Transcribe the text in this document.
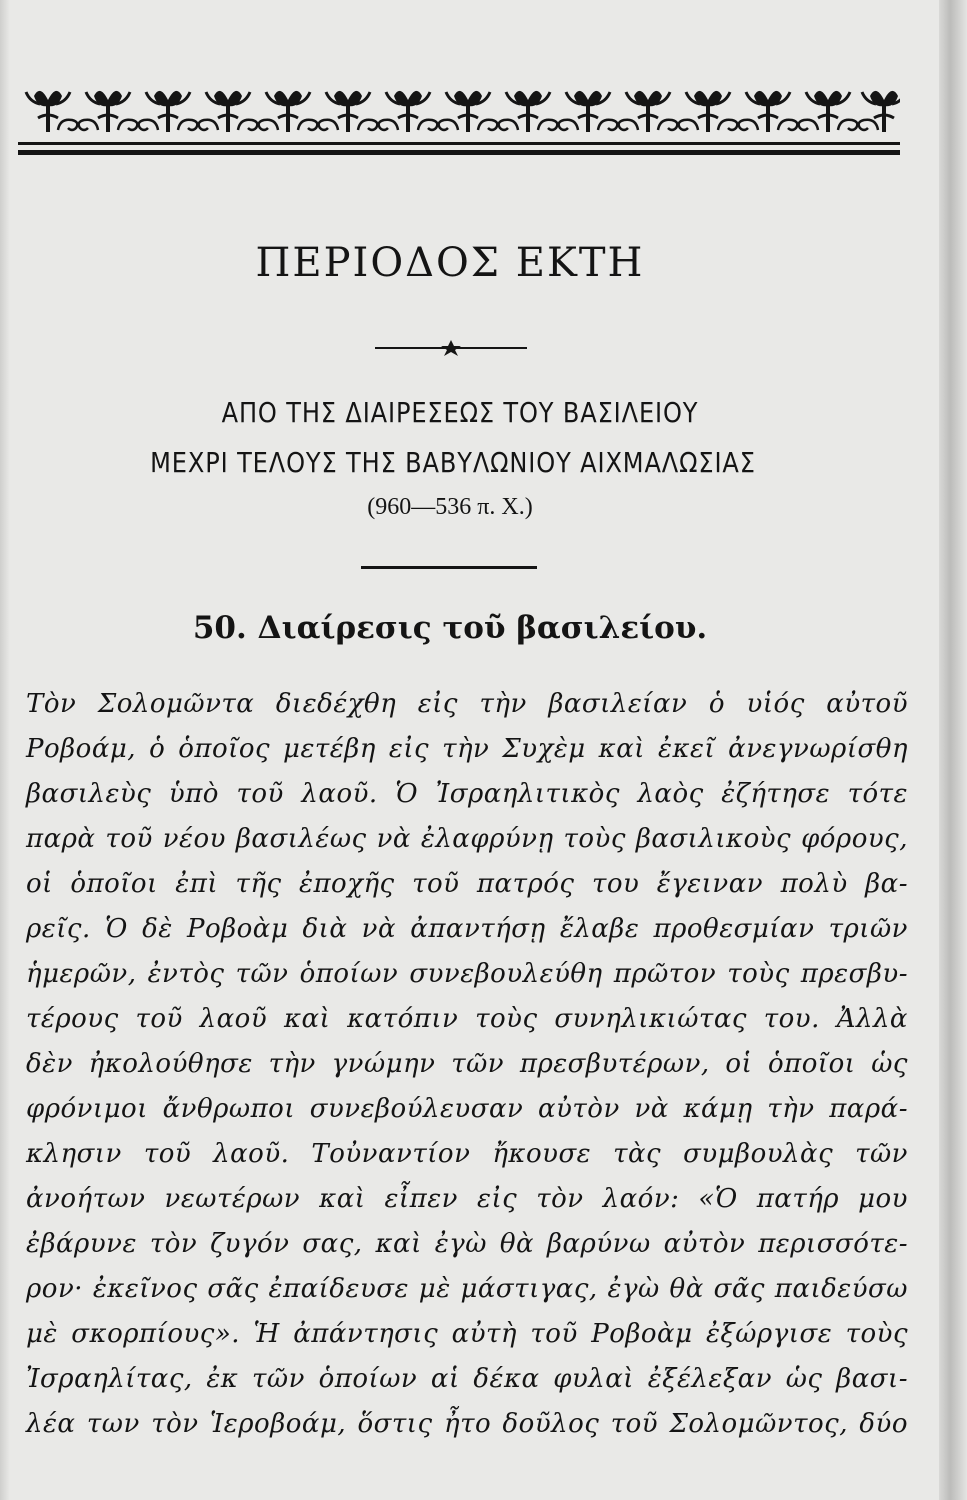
ΠΕΡΙΟΔΟΣ ΕΚΤΗ
ΑΠΟ ΤΗΣ ΔΙΑΙΡΕΣΕΩΣ ΤΟΥ ΒΑΣΙΛΕΙΟΥ
ΜΕΧΡΙ ΤΕΛΟΥΣ ΤΗΣ ΒΑΒΥΛΩΝΙΟΥ ΑΙΧΜΑΛΩΣΙΑΣ
(960—536 π. Χ.)
50. Διαίρεσις τοῦ βασιλείου.
Τὸν Σολομῶντα διεδέχθη εἰς τὴν βασιλείαν ὁ υἱός αὐτοῦ
Ροβοάμ, ὁ ὁποῖος μετέβη εἰς τὴν Συχὲμ καὶ ἐκεῖ ἀνεγνωρίσθη
βασιλεὺς ὑπὸ τοῦ λαοῦ. Ὁ Ἰσραηλιτικὸς λαὸς ἐζήτησε τότε
παρὰ τοῦ νέου βασιλέως νὰ ἐλαφρύνῃ τοὺς βασιλικοὺς φόρους,
οἱ ὁποῖοι ἐπὶ τῆς ἐποχῆς τοῦ πατρός του ἔγειναν πολὺ βα-
ρεῖς. Ὁ δὲ Ροβοὰμ διὰ νὰ ἀπαντήσῃ ἔλαβε προθεσμίαν τριῶν
ἡμερῶν, ἐντὸς τῶν ὁποίων συνεβουλεύθη πρῶτον τοὺς πρεσβυ-
τέρους τοῦ λαοῦ καὶ κατόπιν τοὺς συνηλικιώτας του. Ἀλλὰ
δὲν ἠκολούθησε τὴν γνώμην τῶν πρεσβυτέρων, οἱ ὁποῖοι ὡς
φρόνιμοι ἄνθρωποι συνεβούλευσαν αὐτὸν νὰ κάμῃ τὴν παρά-
κλησιν τοῦ λαοῦ. Τοὐναντίον ἤκουσε τὰς συμβουλὰς τῶν
ἀνοήτων νεωτέρων καὶ εἶπεν εἰς τὸν λαόν: «Ὁ πατήρ μου
ἐβάρυνε τὸν ζυγόν σας, καὶ ἐγὼ θὰ βαρύνω αὐτὸν περισσότε-
ρον· ἐκεῖνος σᾶς ἐπαίδευσε μὲ μάστιγας, ἐγὼ θὰ σᾶς παιδεύσω
μὲ σκορπίους». Ἡ ἀπάντησις αὐτὴ τοῦ Ροβοὰμ ἐξώργισε τοὺς
Ἰσραηλίτας, ἐκ τῶν ὁποίων αἱ δέκα φυλαὶ ἐξέλεξαν ὡς βασι-
λέα των τὸν Ἱεροβοάμ, ὅστις ἦτο δοῦλος τοῦ Σολομῶντος, δύο
